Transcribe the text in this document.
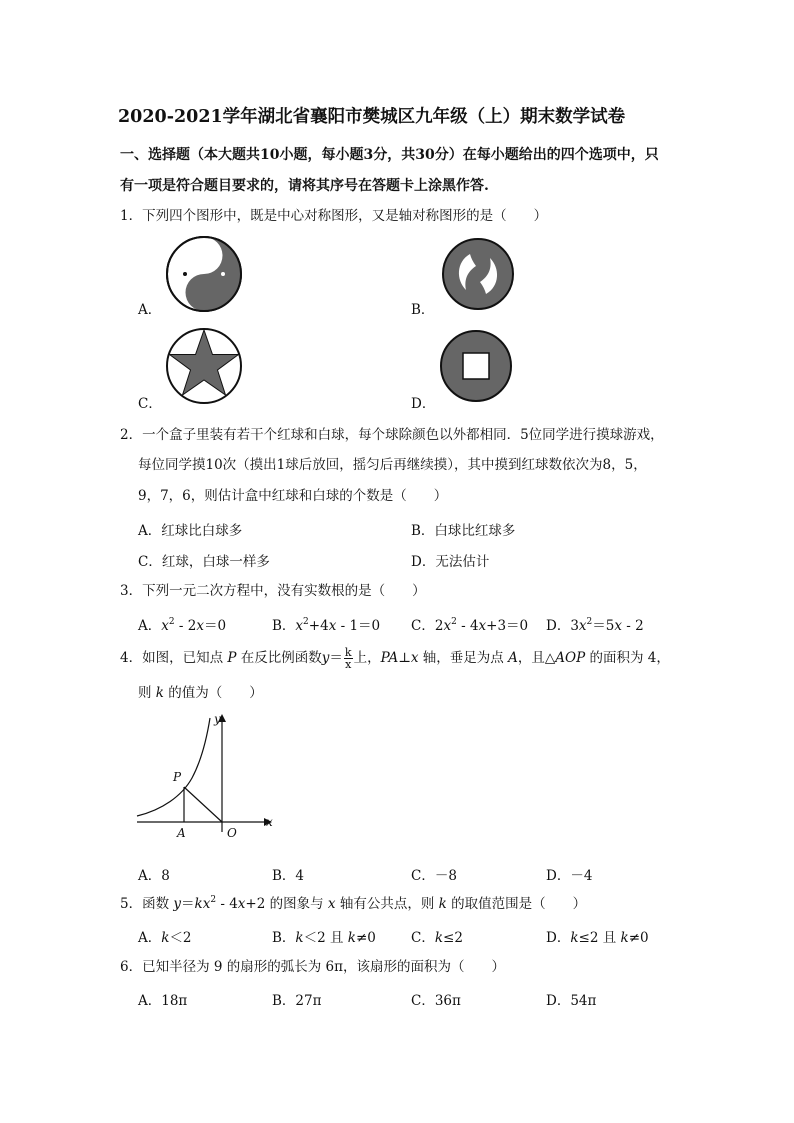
2020-2021学年湖北省襄阳市樊城区九年级（上）期末数学试卷
一、选择题（本大题共10小题，每小题3分，共30分）在每小题给出的四个选项中，只
有一项是符合题目要求的，请将其序号在答题卡上涂黑作答.
1．下列四个图形中，既是中心对称图形，又是轴对称图形的是（　　）
A．	B．
C．	D．
2．一个盒子里装有若干个红球和白球，每个球除颜色以外都相同．5位同学进行摸球游戏，
每位同学摸10次（摸出1球后放回，摇匀后再继续摸），其中摸到红球数依次为8，5，
9，7，6，则估计盒中红球和白球的个数是（　　）
A．红球比白球多	B．白球比红球多
C．红球，白球一样多	D．无法估计
3．下列一元二次方程中，没有实数根的是（　　）
A．$x^2 - 2x=0$	B．$x^2+4x - 1=0$ C．$2x^2 - 4x+3=0$ D．$3x^2=5x - 2$
4．如图，已知点 P 在反比例函数$y= \frac{k}{x}$ 上，PA⊥x 轴，垂足为点 A，且△AOP 的面积为 4，
则 k 的值为（　　）
y
P
A	O
x
A．8	B．4	C．－8	D．－4
5．函数 $y=kx^2 - 4x+2$ 的图象与 x 轴有公共点，则 k 的取值范围是（　　）
A．k＜2	B．k＜2 且 k≠0	C．k≤2	D．k≤2 且 k≠0
6．已知半径为 9 的扇形的弧长为 6π，该扇形的面积为（　　）
A．18π	B．27π	C．36π	D．54π
